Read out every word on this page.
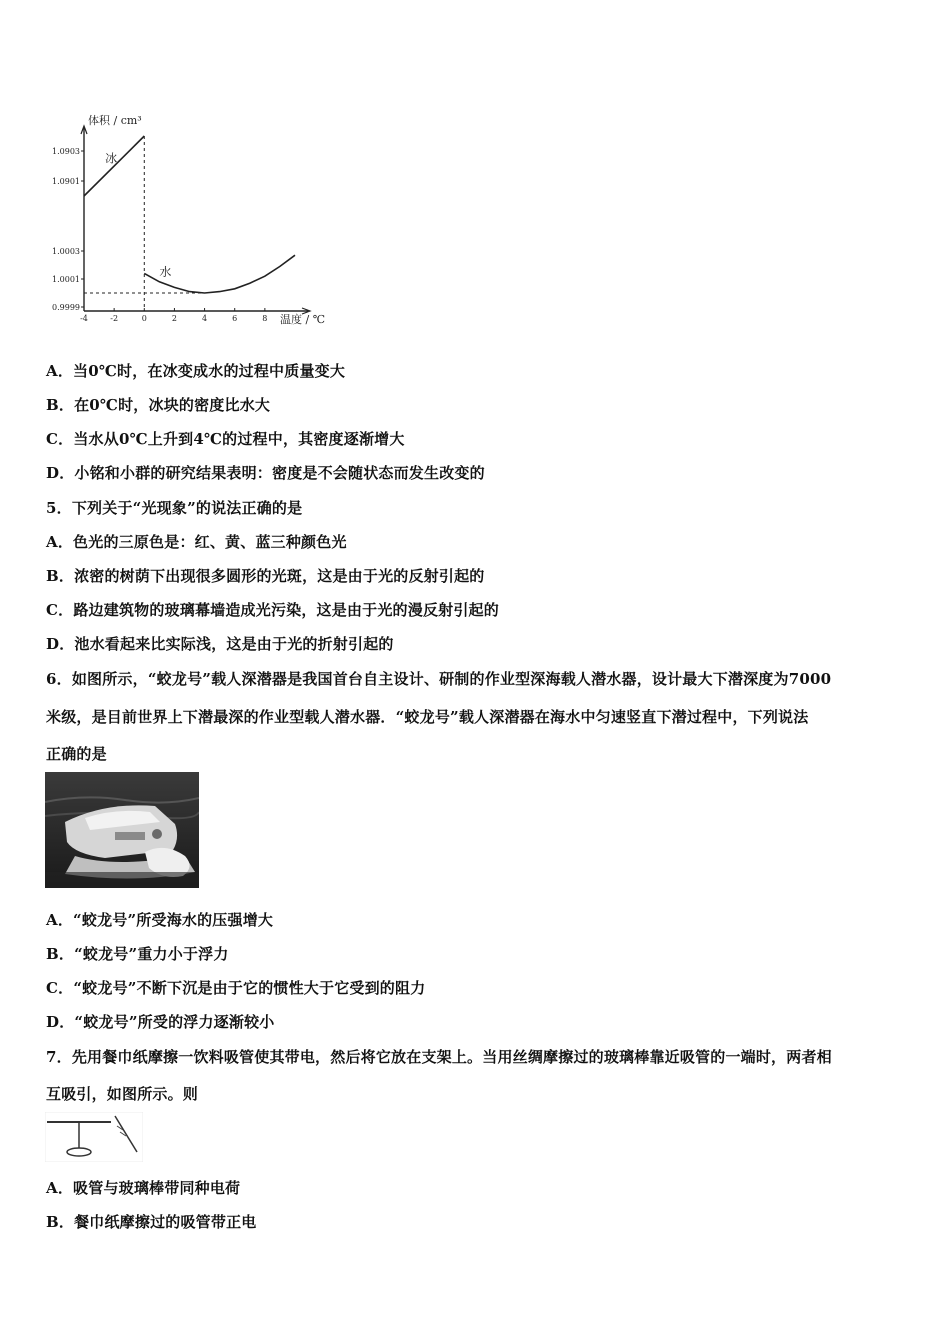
体积 / cm³
温度 / ℃
1.0903
1.0901
1.0003
1.0001
0.9999
-4	-2	0	2	4	6	8
冰
水
A．当0℃时，在冰变成水的过程中质量变大
B．在0℃时，冰块的密度比水大
C．当水从0℃上升到4℃的过程中，其密度逐渐增大
D．小铭和小群的研究结果表明：密度是不会随状态而发生改变的
5．下列关于“光现象”的说法正确的是
A．色光的三原色是：红、黄、蓝三种颜色光
B．浓密的树荫下出现很多圆形的光斑，这是由于光的反射引起的
C．路边建筑物的玻璃幕墙造成光污染，这是由于光的漫反射引起的
D．池水看起来比实际浅，这是由于光的折射引起的
6．如图所示，“蛟龙号”载人深潜器是我国首台自主设计、研制的作业型深海载人潜水器，设计最大下潜深度为7000
米级，是目前世界上下潜最深的作业型载人潜水器．“蛟龙号”载人深潜器在海水中匀速竖直下潜过程中，下列说法
正确的是
A．“蛟龙号”所受海水的压强增大
B．“蛟龙号”重力小于浮力
C．“蛟龙号”不断下沉是由于它的惯性大于它受到的阻力
D．“蛟龙号”所受的浮力逐渐较小
7．先用餐巾纸摩擦一饮料吸管使其带电，然后将它放在支架上。当用丝绸摩擦过的玻璃棒靠近吸管的一端时，两者相
互吸引，如图所示。则
A．吸管与玻璃棒带同种电荷
B．餐巾纸摩擦过的吸管带正电
